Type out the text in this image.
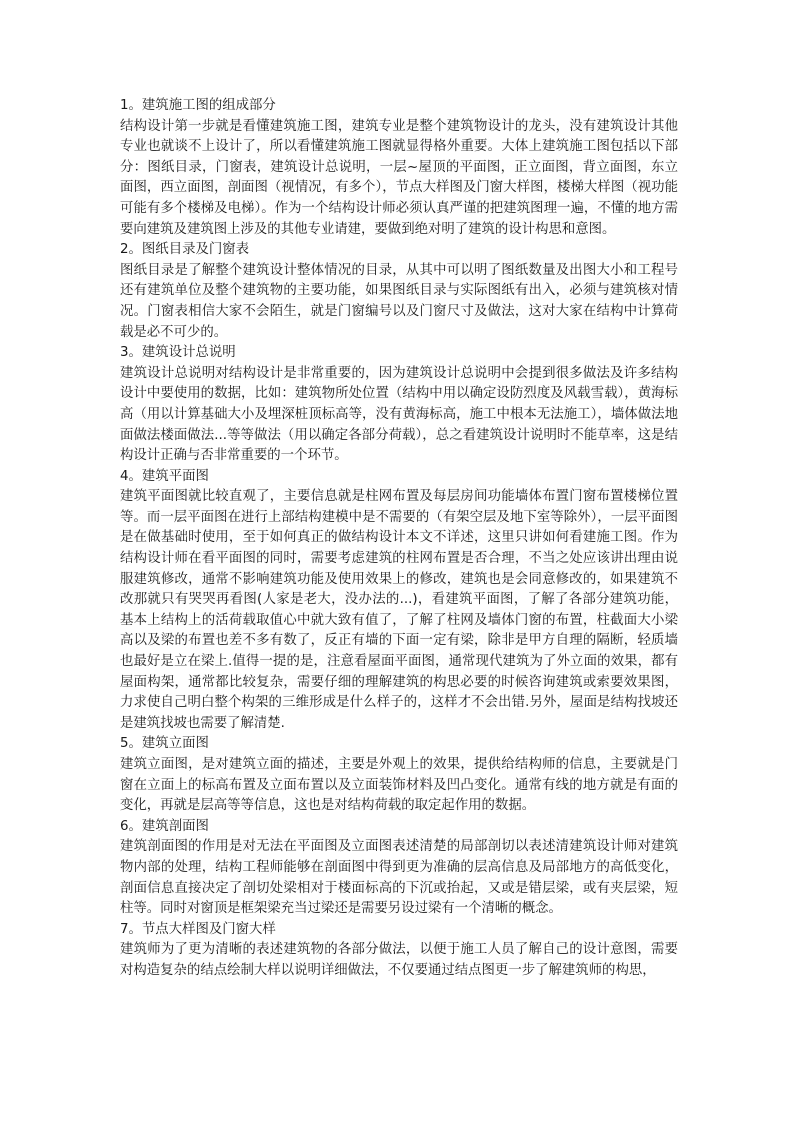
1。建筑施工图的组成部分

结构设计第一步就是看懂建筑施工图，建筑专业是整个建筑物设计的龙头，没有建筑设计其他专业也就谈不上设计了，所以看懂建筑施工图就显得格外重要。大体上建筑施工图包括以下部分：图纸目录，门窗表，建筑设计总说明，一层~屋顶的平面图，正立面图，背立面图，东立面图，西立面图，剖面图（视情况，有多个），节点大样图及门窗大样图，楼梯大样图（视功能可能有多个楼梯及电梯）。作为一个结构设计师必须认真严谨的把建筑图理一遍，不懂的地方需要向建筑及建筑图上涉及的其他专业请建，要做到绝对明了建筑的设计构思和意图。

2。图纸目录及门窗表

图纸目录是了解整个建筑设计整体情况的目录，从其中可以明了图纸数量及出图大小和工程号还有建筑单位及整个建筑物的主要功能，如果图纸目录与实际图纸有出入，必须与建筑核对情况。门窗表相信大家不会陌生，就是门窗编号以及门窗尺寸及做法，这对大家在结构中计算荷载是必不可少的。

3。建筑设计总说明

建筑设计总说明对结构设计是非常重要的，因为建筑设计总说明中会提到很多做法及许多结构设计中要使用的数据，比如：建筑物所处位置（结构中用以确定设防烈度及风载雪载），黄海标高（用以计算基础大小及埋深桩顶标高等，没有黄海标高，施工中根本无法施工），墙体做法地面做法楼面做法...等等做法（用以确定各部分荷载），总之看建筑设计说明时不能草率，这是结构设计正确与否非常重要的一个环节。

4。建筑平面图

建筑平面图就比较直观了，主要信息就是柱网布置及每层房间功能墙体布置门窗布置楼梯位置等。而一层平面图在进行上部结构建模中是不需要的（有架空层及地下室等除外），一层平面图是在做基础时使用，至于如何真正的做结构设计本文不详述，这里只讲如何看建施工图。作为结构设计师在看平面图的同时，需要考虑建筑的柱网布置是否合理，不当之处应该讲出理由说服建筑修改，通常不影响建筑功能及使用效果上的修改，建筑也是会同意修改的，如果建筑不改那就只有哭哭再看图(人家是老大，没办法的...)，看建筑平面图，了解了各部分建筑功能，基本上结构上的活荷载取值心中就大致有值了，了解了柱网及墙体门窗的布置，柱截面大小梁高以及梁的布置也差不多有数了，反正有墙的下面一定有梁，除非是甲方自理的隔断，轻质墙也最好是立在梁上.值得一提的是，注意看屋面平面图，通常现代建筑为了外立面的效果，都有屋面构架，通常都比较复杂，需要仔细的理解建筑的构思必要的时候咨询建筑或索要效果图，力求使自己明白整个构架的三维形成是什么样子的，这样才不会出错.另外，屋面是结构找坡还是建筑找坡也需要了解清楚.

5。建筑立面图

建筑立面图，是对建筑立面的描述，主要是外观上的效果，提供给结构师的信息，主要就是门窗在立面上的标高布置及立面布置以及立面装饰材料及凹凸变化。通常有线的地方就是有面的变化，再就是层高等等信息，这也是对结构荷载的取定起作用的数据。

6。建筑剖面图

建筑剖面图的作用是对无法在平面图及立面图表述清楚的局部剖切以表述清建筑设计师对建筑物内部的处理，结构工程师能够在剖面图中得到更为准确的层高信息及局部地方的高低变化，剖面信息直接决定了剖切处梁相对于楼面标高的下沉或抬起，又或是错层梁，或有夹层梁，短柱等。同时对窗顶是框架梁充当过梁还是需要另设过梁有一个清晰的概念。

7。节点大样图及门窗大样

建筑师为了更为清晰的表述建筑物的各部分做法，以便于施工人员了解自己的设计意图，需要对构造复杂的结点绘制大样以说明详细做法，不仅要通过结点图更一步了解建筑师的构思，
